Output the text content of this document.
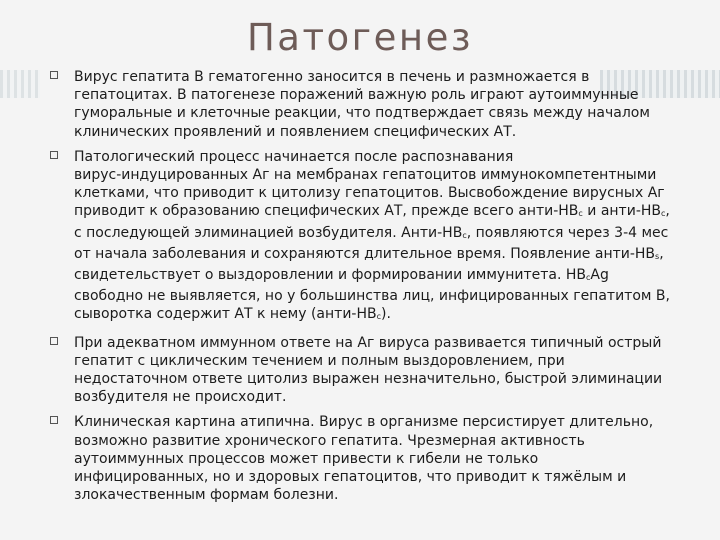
Патогенез
Вирус гепатита В гематогенно заносится в печень и размножается в
гепатоцитах. В патогенезе поражений важную роль играют аутоиммунные
гуморальные и клеточные реакции, что подтверждает связь между началом
клинических проявлений и появлением специфических АТ.
Патологический процесс начинается после распознавания
вирус-индуцированных Аг на мембранах гепатоцитов иммунокомпетентными
клетками, что приводит к цитолизу гепатоцитов. Высвобождение вирусных Аг
приводит к образованию специфических АТ, прежде всего анти-НВc и анти-НВc,
с последующей элиминацией возбудителя. Анти-НВc, появляются через 3-4 мес
от начала заболевания и сохраняются длительное время. Появление анти-НВs,
свидетельствует о выздоровлении и формировании иммунитета. НВcAg
свободно не выявляется, но у большинства лиц, инфицированных гепатитом В,
сыворотка содержит АТ к нему (анти-НВc).
При адекватном иммунном ответе на Аг вируса развивается типичный острый
гепатит с циклическим течением и полным выздоровлением, при
недостаточном ответе цитолиз выражен незначительно, быстрой элиминации
возбудителя не происходит.
Клиническая картина атипична. Вирус в организме персистирует длительно,
возможно развитие хронического гепатита. Чрезмерная активность
аутоиммунных процессов может привести к гибели не только
инфицированных, но и здоровых гепатоцитов, что приводит к тяжёлым и
злокачественным формам болезни.
